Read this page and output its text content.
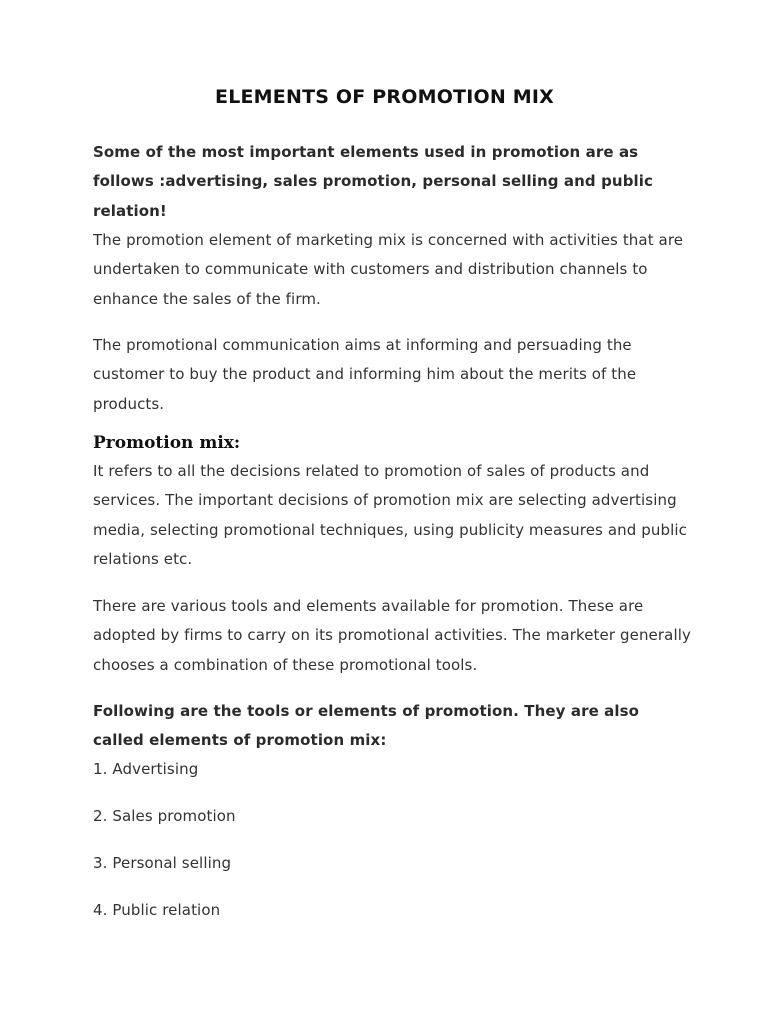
ELEMENTS OF PROMOTION MIX

Some of the most important elements used in promotion are as follows :advertising, sales promotion, personal selling and public relation!

The promotion element of marketing mix is concerned with activities that are undertaken to communicate with customers and distribution channels to enhance the sales of the firm.

The promotional communication aims at informing and persuading the customer to buy the product and informing him about the merits of the products.

Promotion mix:

It refers to all the decisions related to promotion of sales of products and services. The important decisions of promotion mix are selecting advertising media, selecting promotional techniques, using publicity measures and public relations etc.

There are various tools and elements available for promotion. These are adopted by firms to carry on its promotional activities. The marketer generally chooses a combination of these promotional tools.

Following are the tools or elements of promotion. They are also called elements of promotion mix:

1. Advertising

2. Sales promotion

3. Personal selling

4. Public relation
